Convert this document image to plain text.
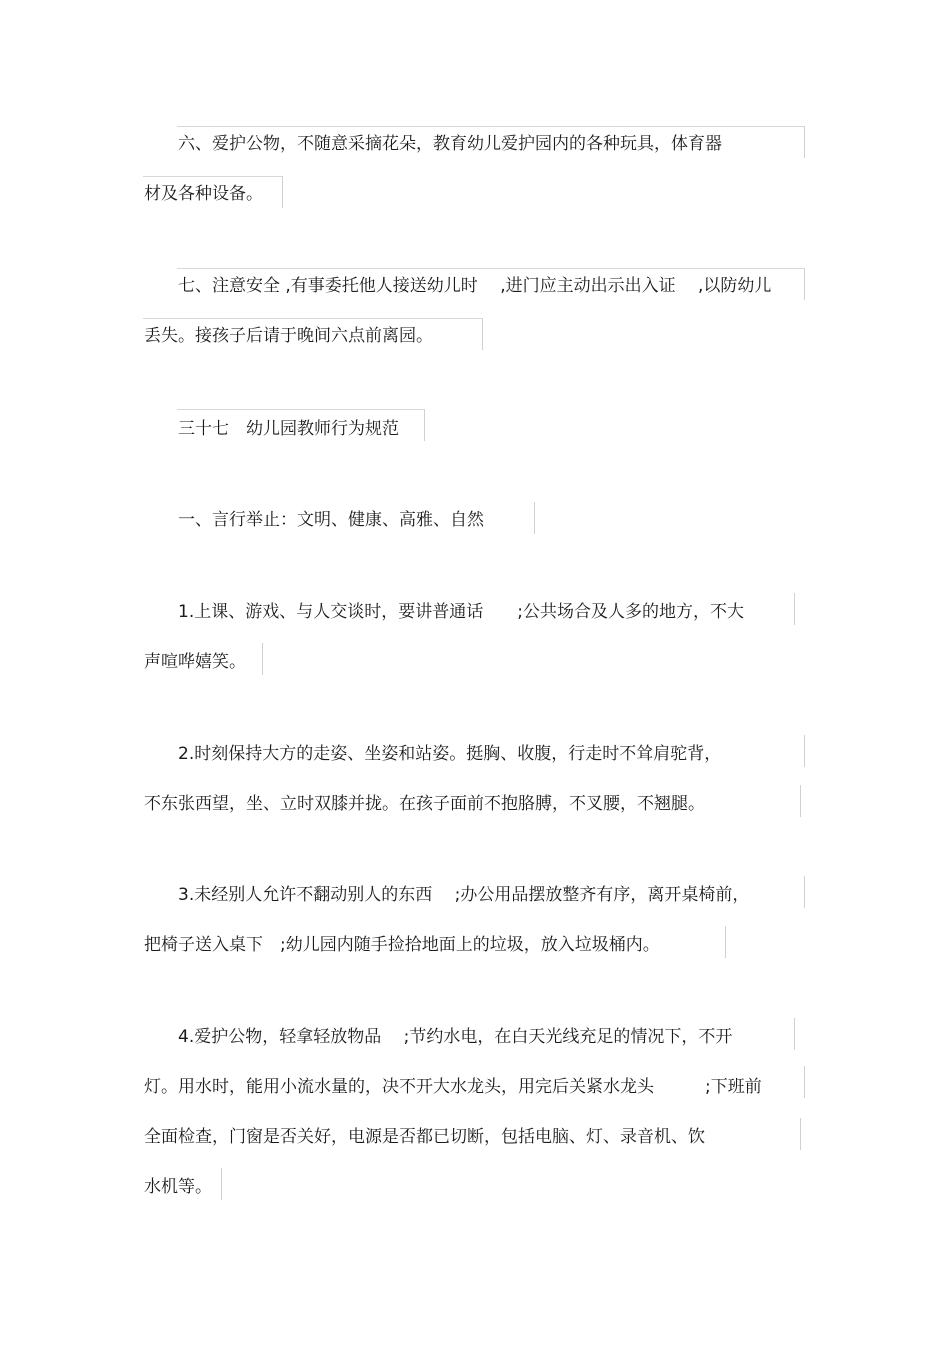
六、爱护公物，不随意采摘花朵，教育幼儿爱护园内的各种玩具，体育器
材及各种设备。
七、注意安全 ,有事委托他人接送幼儿时　 ,进门应主动出示出入证　 ,以防幼儿
丢失。接孩子后请于晚间六点前离园。
三十七　幼儿园教师行为规范
一、言行举止：文明、健康、高雅、自然
1.上课、游戏、与人交谈时，要讲普通话　　;公共场合及人多的地方，不大
声喧哗嬉笑。
2.时刻保持大方的走姿、坐姿和站姿。挺胸、收腹，行走时不耸肩驼背，
不东张西望，坐、立时双膝并拢。在孩子面前不抱胳膊，不叉腰，不翘腿。
3.未经别人允许不翻动别人的东西　 ;办公用品摆放整齐有序，离开桌椅前，
把椅子送入桌下　;幼儿园内随手捡拾地面上的垃圾，放入垃圾桶内。
4.爱护公物，轻拿轻放物品　 ;节约水电，在白天光线充足的情况下，不开
灯。用水时，能用小流水量的，决不开大水龙头，用完后关紧水龙头　　　;下班前
全面检查，门窗是否关好，电源是否都已切断，包括电脑、灯、录音机、饮
水机等。
